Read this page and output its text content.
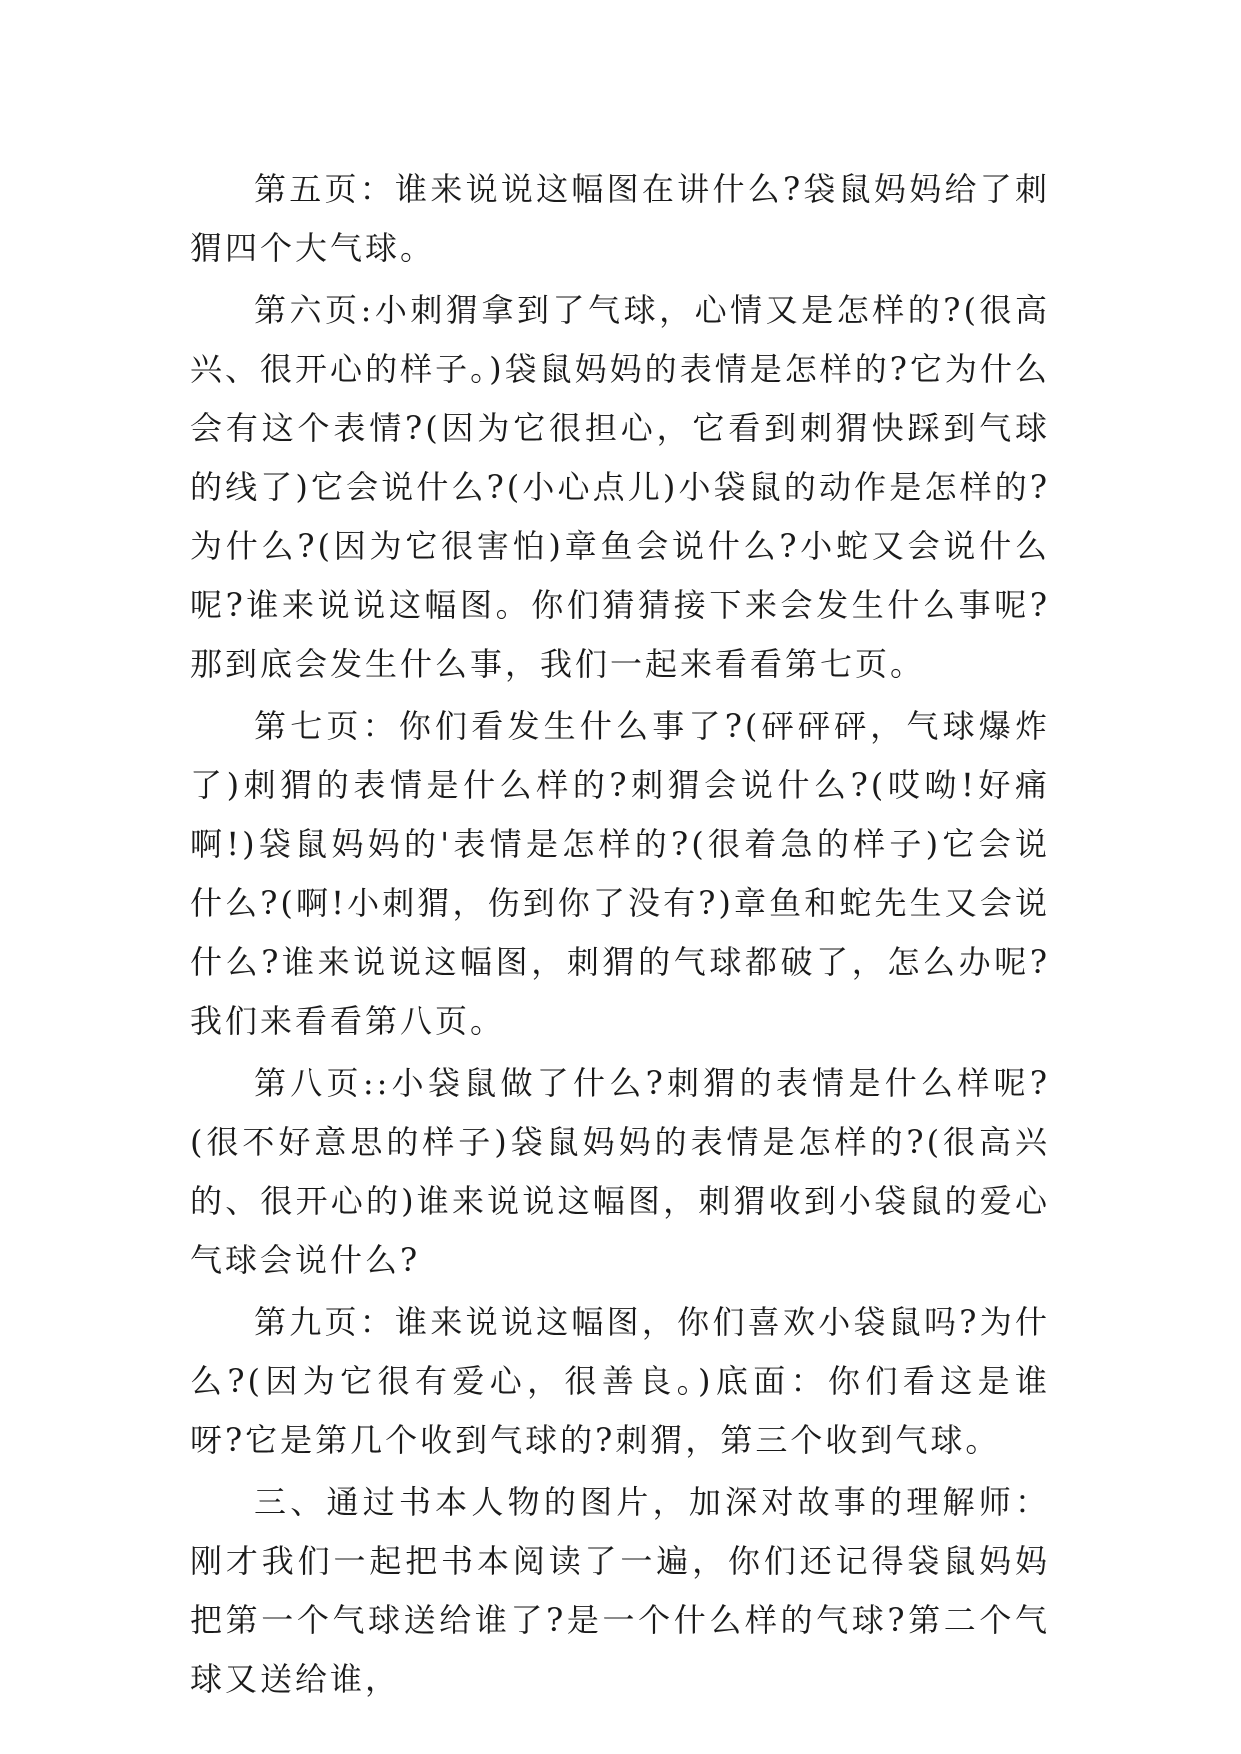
第五页：谁来说说这幅图在讲什么?袋鼠妈妈给了刺猬四个大气球。

第六页:小刺猬拿到了气球，心情又是怎样的?(很高兴、很开心的样子。)袋鼠妈妈的表情是怎样的?它为什么会有这个表情?(因为它很担心，它看到刺猬快踩到气球的线了)它会说什么?(小心点儿)小袋鼠的动作是怎样的?为什么?(因为它很害怕)章鱼会说什么?小蛇又会说什么呢?谁来说说这幅图。你们猜猜接下来会发生什么事呢?那到底会发生什么事，我们一起来看看第七页。

第七页：你们看发生什么事了?(砰砰砰，气球爆炸了)刺猬的表情是什么样的?刺猬会说什么?(哎呦!好痛啊!)袋鼠妈妈的'表情是怎样的?(很着急的样子)它会说什么?(啊!小刺猬，伤到你了没有?)章鱼和蛇先生又会说什么?谁来说说这幅图，刺猬的气球都破了，怎么办呢?我们来看看第八页。

第八页::小袋鼠做了什么?刺猬的表情是什么样呢?(很不好意思的样子)袋鼠妈妈的表情是怎样的?(很高兴的、很开心的)谁来说说这幅图，刺猬收到小袋鼠的爱心气球会说什么?

第九页：谁来说说这幅图，你们喜欢小袋鼠吗?为什么?(因为它很有爱心，很善良。)底面：你们看这是谁呀?它是第几个收到气球的?刺猬，第三个收到气球。

三、通过书本人物的图片，加深对故事的理解师：刚才我们一起把书本阅读了一遍，你们还记得袋鼠妈妈把第一个气球送给谁了?是一个什么样的气球?第二个气球又送给谁，
